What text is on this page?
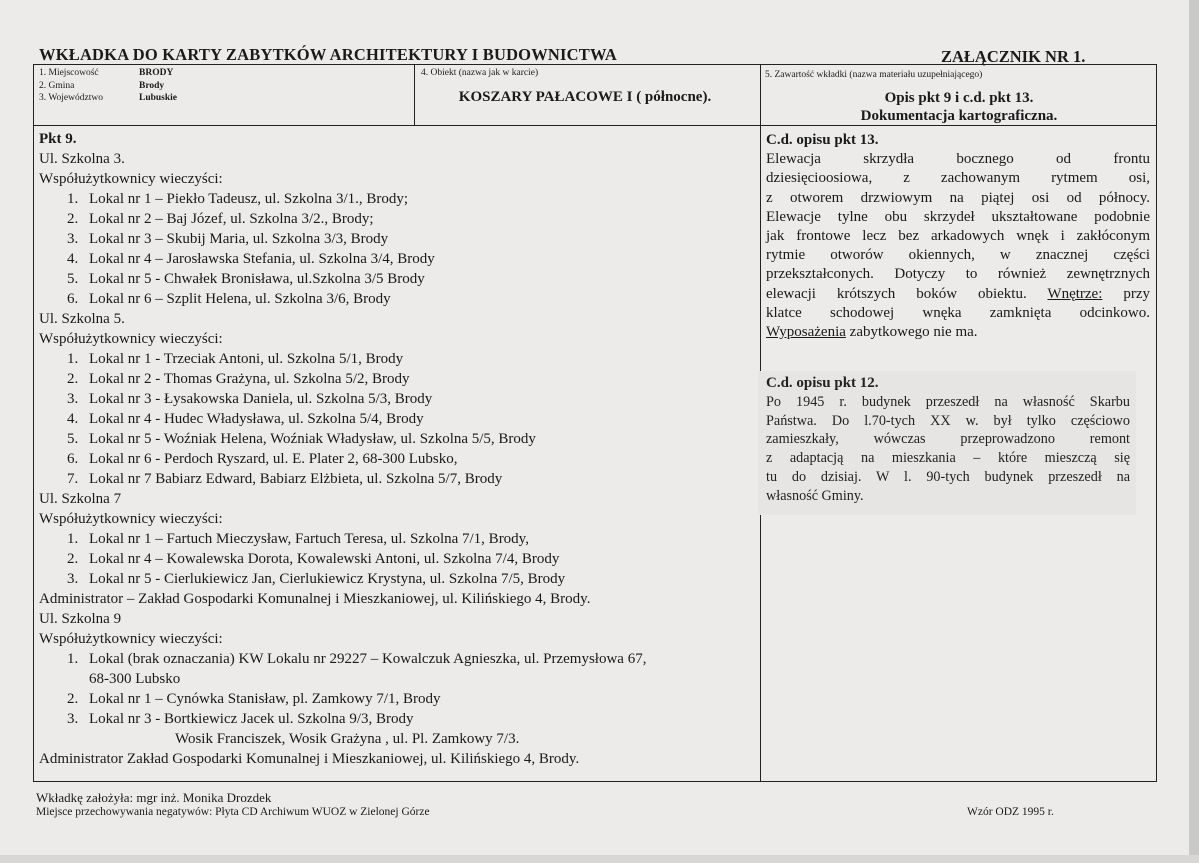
WKŁADKA DO KARTY ZABYTKÓW ARCHITEKTURY I BUDOWNICTWA	ZAŁĄCZNIK NR 1.
1. Miejscowość	BRODY
2. Gmina	Brody
3. Województwo	Lubuskie
4. Obiekt (nazwa jak w karcie)
KOSZARY PAŁACOWE I ( północne).
5. Zawartość wkładki (nazwa materiału uzupełniającego)
Opis pkt 9 i c.d. pkt 13.
Dokumentacja kartograficzna.
Pkt 9.
Ul. Szkolna 3.
Współużytkownicy wieczyści:
1. Lokal nr 1 – Piekło Tadeusz, ul. Szkolna 3/1., Brody;
2. Lokal nr 2 – Baj Józef, ul. Szkolna 3/2., Brody;
3. Lokal nr 3 – Skubij Maria, ul. Szkolna 3/3, Brody
4. Lokal nr 4 – Jarosławska Stefania, ul. Szkolna 3/4, Brody
5. Lokal nr 5 - Chwałek Bronisława, ul.Szkolna 3/5 Brody
6. Lokal nr 6 – Szplit Helena, ul. Szkolna 3/6, Brody
Ul. Szkolna 5.
Współużytkownicy wieczyści:
1. Lokal nr 1 - Trzeciak Antoni, ul. Szkolna 5/1, Brody
2. Lokal nr 2 - Thomas Grażyna, ul. Szkolna 5/2, Brody
3. Lokal nr 3 - Łysakowska Daniela, ul. Szkolna 5/3, Brody
4. Lokal nr 4 - Hudec Władysława, ul. Szkolna 5/4, Brody
5. Lokal nr 5 - Woźniak Helena, Woźniak Władysław, ul. Szkolna 5/5, Brody
6. Lokal nr 6 - Perdoch Ryszard, ul. E. Plater 2, 68-300 Lubsko,
7. Lokal nr 7 Babiarz Edward, Babiarz Elżbieta, ul. Szkolna 5/7, Brody
Ul. Szkolna 7
Współużytkownicy wieczyści:
1. Lokal nr 1 – Fartuch Mieczysław, Fartuch Teresa, ul. Szkolna 7/1, Brody,
2. Lokal nr 4 – Kowalewska Dorota, Kowalewski Antoni, ul. Szkolna 7/4, Brody
3. Lokal nr 5 - Cierlukiewicz Jan, Cierlukiewicz Krystyna, ul. Szkolna 7/5, Brody
Administrator – Zakład Gospodarki Komunalnej i Mieszkaniowej, ul. Kilińskiego 4, Brody.
Ul. Szkolna 9
Współużytkownicy wieczyści:
1. Lokal (brak oznaczania) KW Lokalu nr 29227 – Kowalczuk Agnieszka, ul. Przemysłowa 67,
68-300 Lubsko
2. Lokal nr 1 – Cynówka Stanisław, pl. Zamkowy 7/1, Brody
3. Lokal nr 3 - Bortkiewicz Jacek ul. Szkolna 9/3, Brody
Wosik Franciszek, Wosik Grażyna , ul. Pl. Zamkowy 7/3.
Administrator Zakład Gospodarki Komunalnej i Mieszkaniowej, ul. Kilińskiego 4, Brody.
C.d. opisu pkt 13.
Elewacja skrzydła bocznego od frontu
dziesięcioosiowa, z zachowanym rytmem osi,
z otworem drzwiowym na piątej osi od północy.
Elewacje tylne obu skrzydeł ukształtowane podobnie
jak frontowe lecz bez arkadowych wnęk i zakłóconym
rytmie otworów okiennych, w znacznej części
przekształconych. Dotyczy to również zewnętrznych
elewacji krótszych boków obiektu. Wnętrze: przy
klatce schodowej wnęka zamknięta odcinkowo.
Wyposażenia zabytkowego nie ma.
C.d. opisu pkt 12.
Po 1945 r. budynek przeszedł na własność Skarbu
Państwa. Do l.70-tych XX w. był tylko częściowo
zamieszkały, wówczas przeprowadzono remont
z adaptacją na mieszkania – które mieszczą się
tu do dzisiaj. W l. 90-tych budynek przeszedł na
własność Gminy.
Wkładkę założyła: mgr inż. Monika Drozdek
Miejsce przechowywania negatywów: Płyta CD Archiwum WUOZ w Zielonej Górze	Wzór ODZ 1995 r.
